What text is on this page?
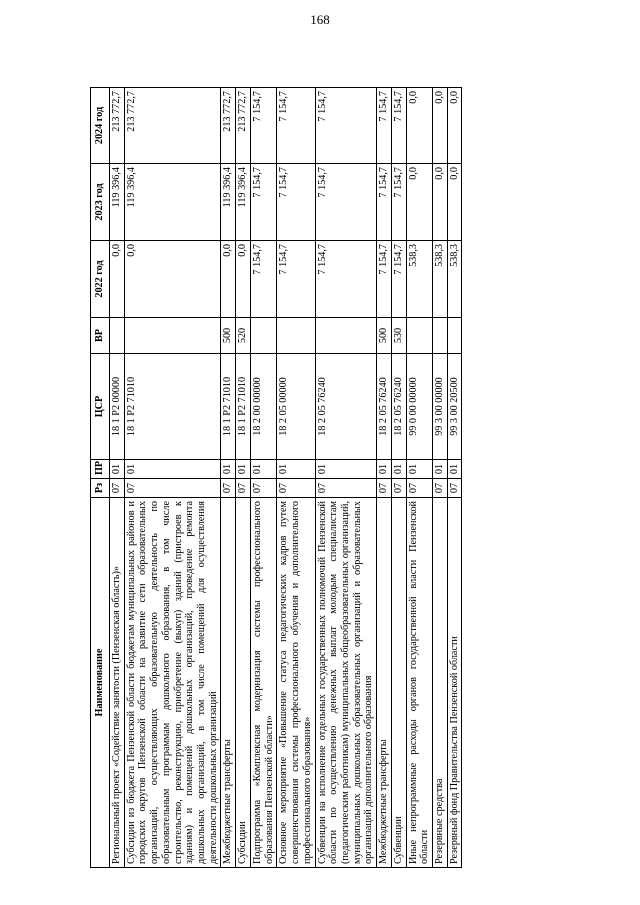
168
Наименование	Рз	ПР	ЦСР	ВР	2022 год	2023 год	2024 год
Региональный проект «Содействие занятости (Пензенская область)»	07	01	18 1 Р2 00000		0,0	119 396,4	213 772,7
Субсидии из бюджета Пензенской области бюджетам муниципальных районов и городских округов Пензенской области на развитие сети образовательных организаций, осуществляющих образовательную деятельность по образовательным программам дошкольного образования, в том числе строительство, реконструкцию, приобретение (выкуп) зданий (пристроев к зданиям) и помещений дошкольных организаций, проведение ремонта дошкольных организаций, в том числе помещений для осуществления деятельности дошкольных организаций	07	01	18 1 Р2 71010		0,0	119 396,4	213 772,7
Межбюджетные трансферты	07	01	18 1 Р2 71010	500	0,0	119 396,4	213 772,7
Субсидии	07	01	18 1 Р2 71010	520	0,0	119 396,4	213 772,7
Подпрограмма «Комплексная модернизация системы профессионального образования Пензенской области»	07	01	18 2 00 00000		7 154,7	7 154,7	7 154,7
Основное мероприятие «Повышение статуса педагогических кадров путем совершенствования системы профессионального обучения и дополнительного профессионального образования»	07	01	18 2 05 00000		7 154,7	7 154,7	7 154,7
Субвенции на исполнение отдельных государственных полномочий Пензенской области по осуществлению денежных выплат молодым специалистам (педагогическим работникам) муниципальных общеобразовательных организаций, муниципальных дошкольных образовательных организаций и образовательных организаций дополнительного образования	07	01	18 2 05 76240		7 154,7	7 154,7	7 154,7
Межбюджетные трансферты	07	01	18 2 05 76240	500	7 154,7	7 154,7	7 154,7
Субвенции	07	01	18 2 05 76240	530	7 154,7	7 154,7	7 154,7
Иные непрограммные расходы органов государственной власти Пензенской области	07	01	99 0 00 00000		538,3	0,0	0,0
Резервные средства	07	01	99 3 00 00000		538,3	0,0	0,0
Резервный фонд Правительства Пензенской области	07	01	99 3 00 20500		538,3	0,0	0,0
